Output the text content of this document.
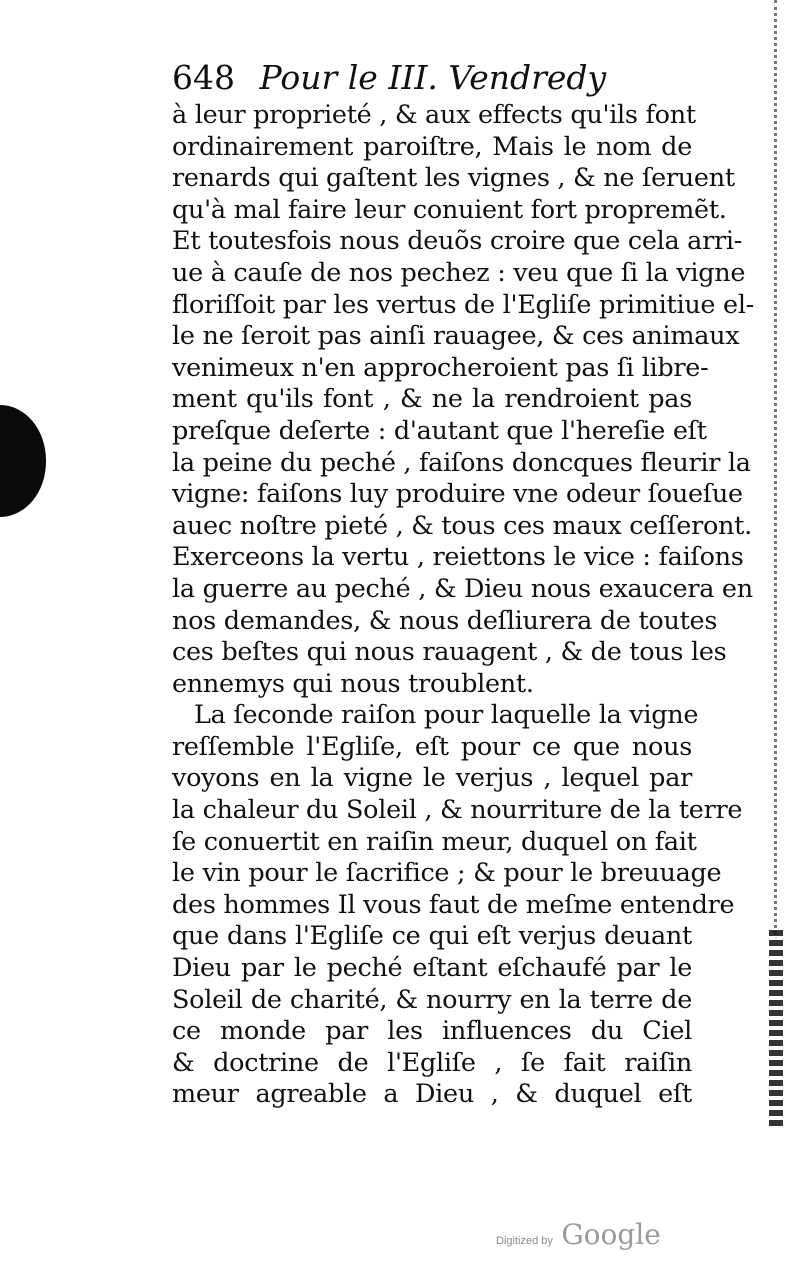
648 Pour le III. Vendredy
à leur proprieté , & aux effects qu'ils font
ordinairement paroiſtre, Mais le nom de
renards qui gaſtent les vignes , & ne ſeruent
qu'à mal faire leur conuient fort propremẽt.
Et toutesfois nous deuõs croire que cela arri-
ue à cauſe de nos pechez : veu que ſi la vigne
floriſſoit par les vertus de l'Egliſe primitiue el-
le ne ſeroit pas ainſi rauagee, & ces animaux
venimeux n'en approcheroient pas ſi libre-
ment qu'ils font , & ne la rendroient pas
preſque deſerte : d'autant que l'hereſie eſt
la peine du peché , faiſons doncques fleurir la
vigne: faiſons luy produire vne odeur ſoueſue
auec noſtre pieté , & tous ces maux ceſſeront.
Exerceons la vertu , reiettons le vice : faiſons
la guerre au peché , & Dieu nous exaucera en
nos demandes, & nous deſliurera de toutes
ces beſtes qui nous rauagent , & de tous les
ennemys qui nous troublent.
La ſeconde raiſon pour laquelle la vigne
reſſemble l'Egliſe, eſt pour ce que nous
voyons en la vigne le verjus , lequel par
la chaleur du Soleil , & nourriture de la terre
ſe conuertit en raiſin meur, duquel on fait
le vin pour le ſacrifice ; & pour le breuuage
des hommes Il vous faut de meſme entendre
que dans l'Egliſe ce qui eſt verjus deuant
Dieu par le peché eſtant eſchaufé par le
Soleil de charité, & nourry en la terre de
ce monde par les influences du Ciel
& doctrine de l'Egliſe , ſe fait raiſin
meur agreable a Dieu , & duquel eſt
Digitized by Google
